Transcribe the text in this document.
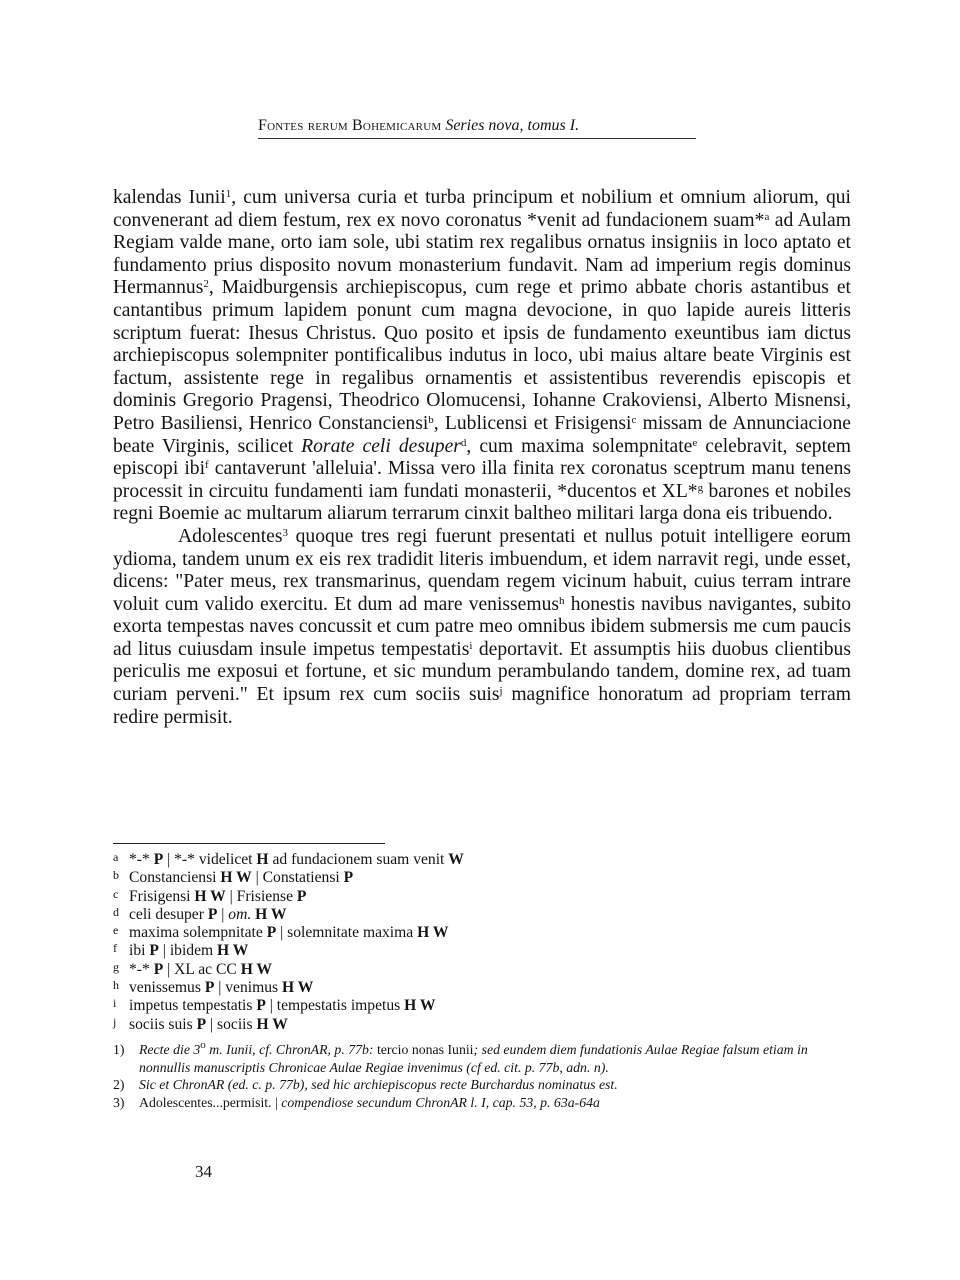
Fontes rerum Bohemicarum Series nova, tomus I.

kalendas Iunii$^1$, cum universa curia et turba principum et nobilium et omnium aliorum, qui convenerant ad diem festum, rex ex novo coronatus *venit ad fundacionem suam*$^a$ ad Aulam Regiam valde mane, orto iam sole, ubi statim rex regalibus ornatus insigniis in loco aptato et fundamento prius disposito novum monasterium fundavit. Nam ad imperium regis dominus Hermannus$^2$, Maidburgensis archiepiscopus, cum rege et primo abbate choris astantibus et cantantibus primum lapidem ponunt cum magna devocione, in quo lapide aureis litteris scriptum fuerat: Ihesus Christus. Quo posito et ipsis de fundamento exeuntibus iam dictus archiepiscopus solempniter pontificalibus indutus in loco, ubi maius altare beate Virginis est factum, assistente rege in regalibus ornamentis et assistentibus reverendis episcopis et dominis Gregorio Pragensi, Theodrico Olomucensi, Iohanne Crakoviensi, Alberto Misnensi, Petro Basiliensi, Henrico Constanciensi$^b$, Lublicensi et Frisigensi$^c$ missam de Annunciacione beate Virginis, scilicet Rorate celi desuper$^d$, cum maxima solempnitate$^e$ celebravit, septem episcopi ibi$^f$ cantaverunt 'alleluia'. Missa vero illa finita rex coronatus sceptrum manu tenens processit in circuitu fundamenti iam fundati monasterii, *ducentos et XL*$^g$ barones et nobiles regni Boemie ac multarum aliarum terrarum cinxit baltheo militari larga dona eis tribuendo.

Adolescentes$^3$ quoque tres regi fuerunt presentati et nullus potuit intelligere eorum ydioma, tandem unum ex eis rex tradidit literis imbuendum, et idem narravit regi, unde esset, dicens: "Pater meus, rex transmarinus, quendam regem vicinum habuit, cuius terram intrare voluit cum valido exercitu. Et dum ad mare venissemus$^h$ honestis navibus navigantes, subito exorta tempestas naves concussit et cum patre meo omnibus ibidem submersis me cum paucis ad litus cuiusdam insule impetus tempestatis$^i$ deportavit. Et assumptis hiis duobus clientibus periculis me exposui et fortune, et sic mundum perambulando tandem, domine rex, ad tuam curiam perveni." Et ipsum rex cum sociis suis$^j$ magnifice honoratum ad propriam terram redire permisit.

a *-* P | *-* videlicet H ad fundacionem suam venit W
b Constanciensi H W | Constatiensi P
c Frisigensi H W | Frisiense P
d celi desuper P | om. H W
e maxima solempnitate P | solemnitate maxima H W
f ibi P | ibidem H W
g *-* P | XL ac CC H W
h venissemus P | venimus H W
i impetus tempestatis P | tempestatis impetus H W
j sociis suis P | sociis H W
1)	Recte die 3$^o$ m. Iunii, cf. ChronAR, p. 77b: tercio nonas Iunii; sed eundem diem fundationis Aulae Regiae falsum etiam in nonnullis manuscriptis Chronicae Aulae Regiae invenimus (cf ed. cit. p. 77b, adn. n).
2)	Sic et ChronAR (ed. c. p. 77b), sed hic archiepiscopus recte Burchardus nominatus est.
3)	Adolescentes...permisit. | compendiose secundum ChronAR l. I, cap. 53, p. 63a-64a
34
